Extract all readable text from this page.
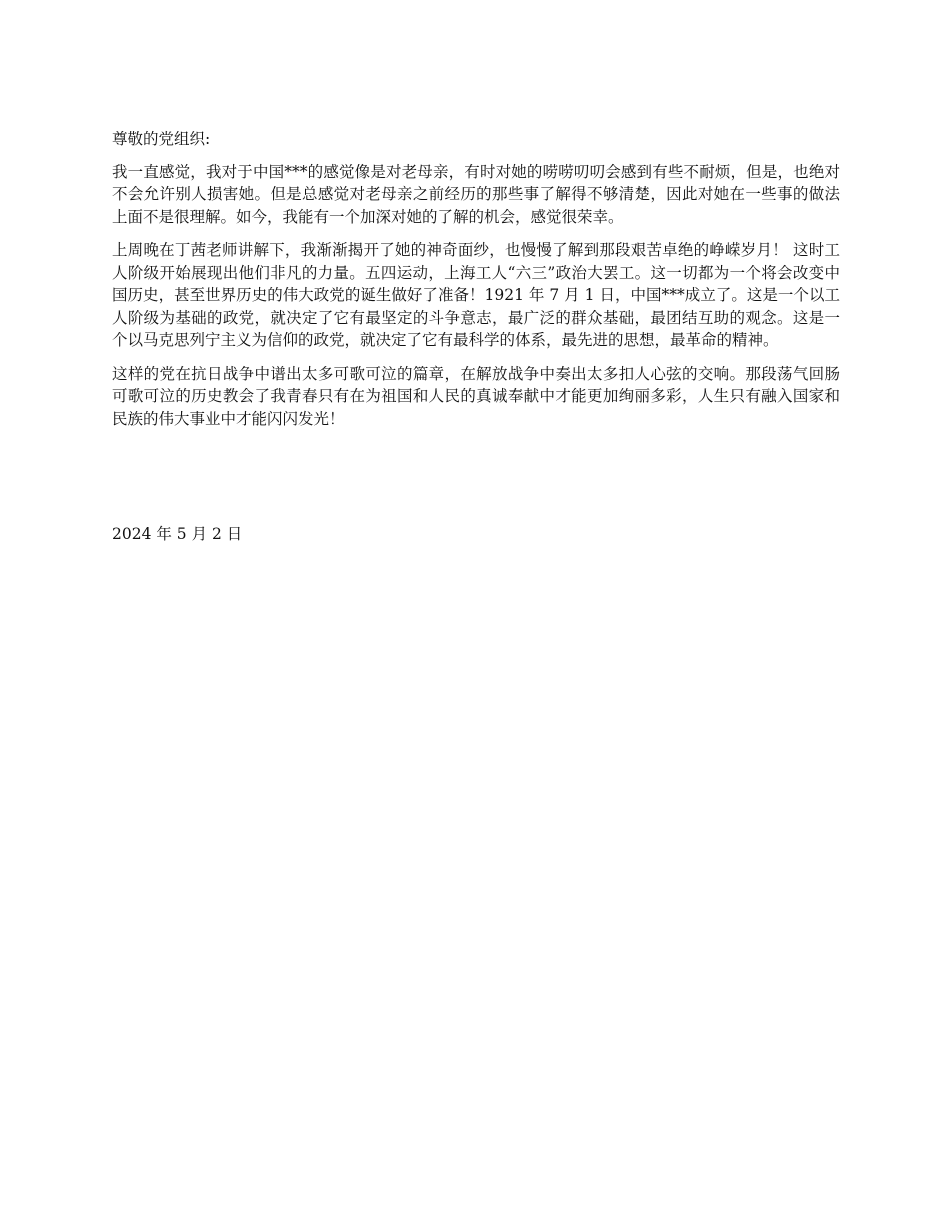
尊敬的党组织:

我一直感觉，我对于中国***的感觉像是对老母亲，有时对她的唠唠叨叨会感到有些不耐烦，但是，也绝对不会允许别人损害她。但是总感觉对老母亲之前经历的那些事了解得不够清楚，因此对她在一些事的做法上面不是很理解。如今，我能有一个加深对她的了解的机会，感觉很荣幸。

上周晚在丁茜老师讲解下，我渐渐揭开了她的神奇面纱，也慢慢了解到那段艰苦卓绝的峥嵘岁月！ 这时工人阶级开始展现出他们非凡的力量。五四运动，上海工人“六三”政治大罢工。这一切都为一个将会改变中国历史，甚至世界历史的伟大政党的诞生做好了准备！1921 年 7 月 1 日，中国***成立了。这是一个以工人阶级为基础的政党，就决定了它有最坚定的斗争意志，最广泛的群众基础，最团结互助的观念。这是一个以马克思列宁主义为信仰的政党，就决定了它有最科学的体系，最先进的思想，最革命的精神。

这样的党在抗日战争中谱出太多可歌可泣的篇章，在解放战争中奏出太多扣人心弦的交响。那段荡气回肠可歌可泣的历史教会了我青春只有在为祖国和人民的真诚奉献中才能更加绚丽多彩，人生只有融入国家和民族的伟大事业中才能闪闪发光！

2024 年 5 月 2 日
